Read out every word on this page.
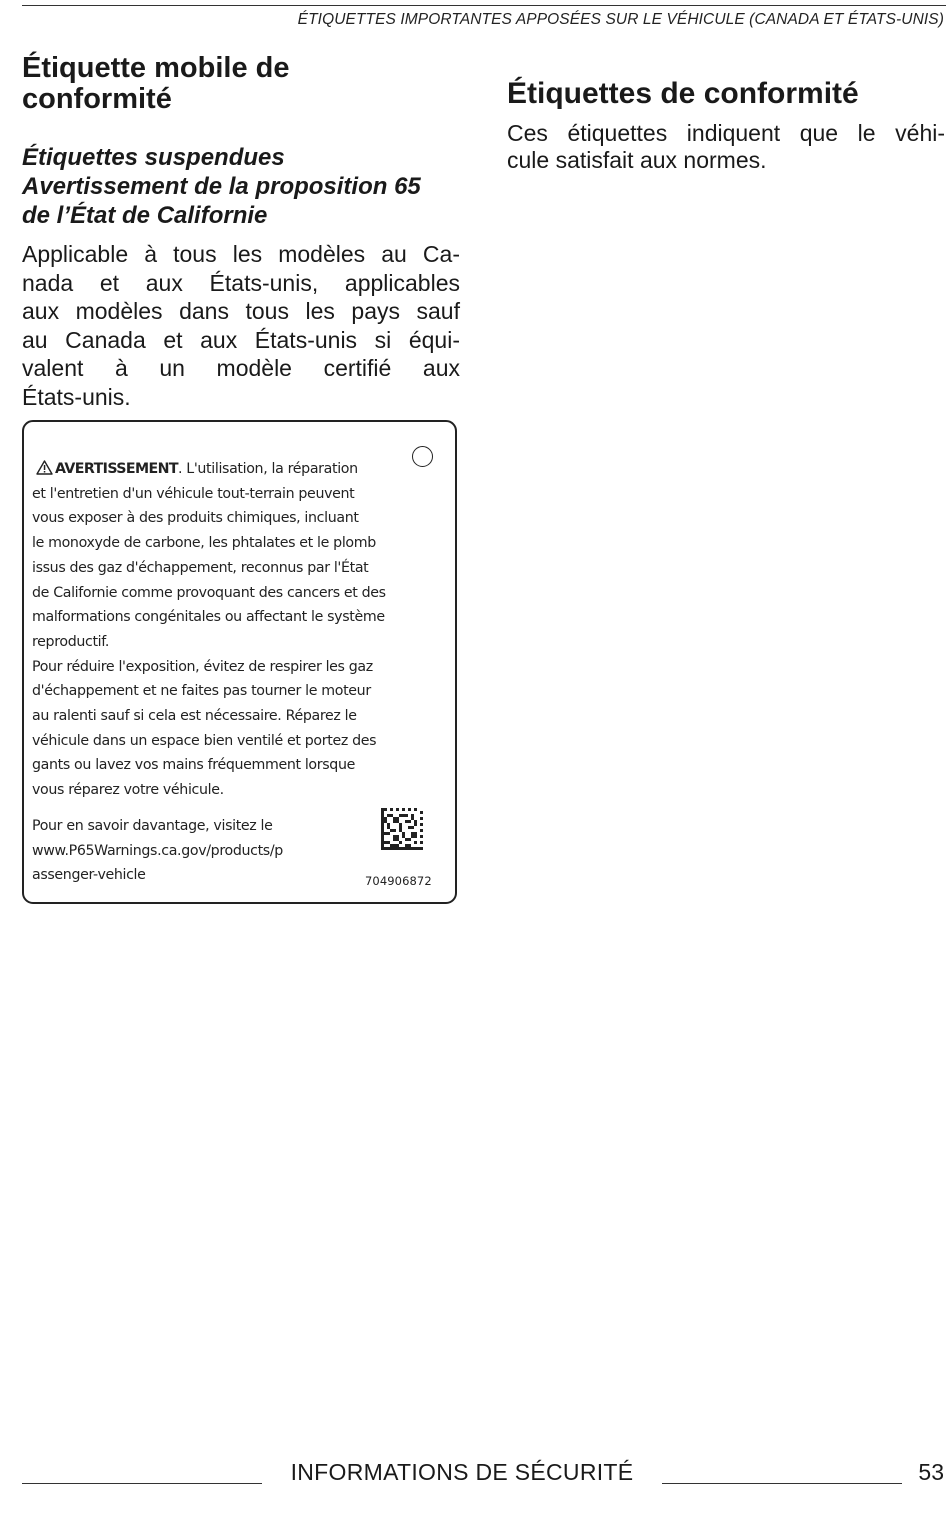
ÉTIQUETTES IMPORTANTES APPOSÉES SUR LE VÉHICULE (CANADA ET ÉTATS-UNIS)
Étiquette mobile de
conformité
Étiquettes suspendues
Avertissement de la proposition 65
de l’État de Californie

Applicable à tous les modèles au Ca-
nada et aux États-unis, applicables
aux modèles dans tous les pays sauf
au Canada et aux États-unis si équi-
valent à un modèle certifié aux
États-unis.

Étiquettes de conformité

Ces étiquettes indiquent que le véhi-
cule satisfait aux normes.

AVERTISSEMENT. L'utilisation, la réparation
et l'entretien d'un véhicule tout-terrain peuvent
vous exposer à des produits chimiques, incluant
le monoxyde de carbone, les phtalates et le plomb
issus des gaz d'échappement, reconnus par l'État
de Californie comme provoquant des cancers et des
malformations congénitales ou affectant le système
reproductif.
Pour réduire l'exposition, évitez de respirer les gaz
d'échappement et ne faites pas tourner le moteur
au ralenti sauf si cela est nécessaire. Réparez le
véhicule dans un espace bien ventilé et portez des
gants ou lavez vos mains fréquemment lorsque
vous réparez votre véhicule.
Pour en savoir davantage, visitez le
www.P65Warnings.ca.gov/products/p
assenger-vehicle	704906872
INFORMATIONS DE SÉCURITÉ	53
